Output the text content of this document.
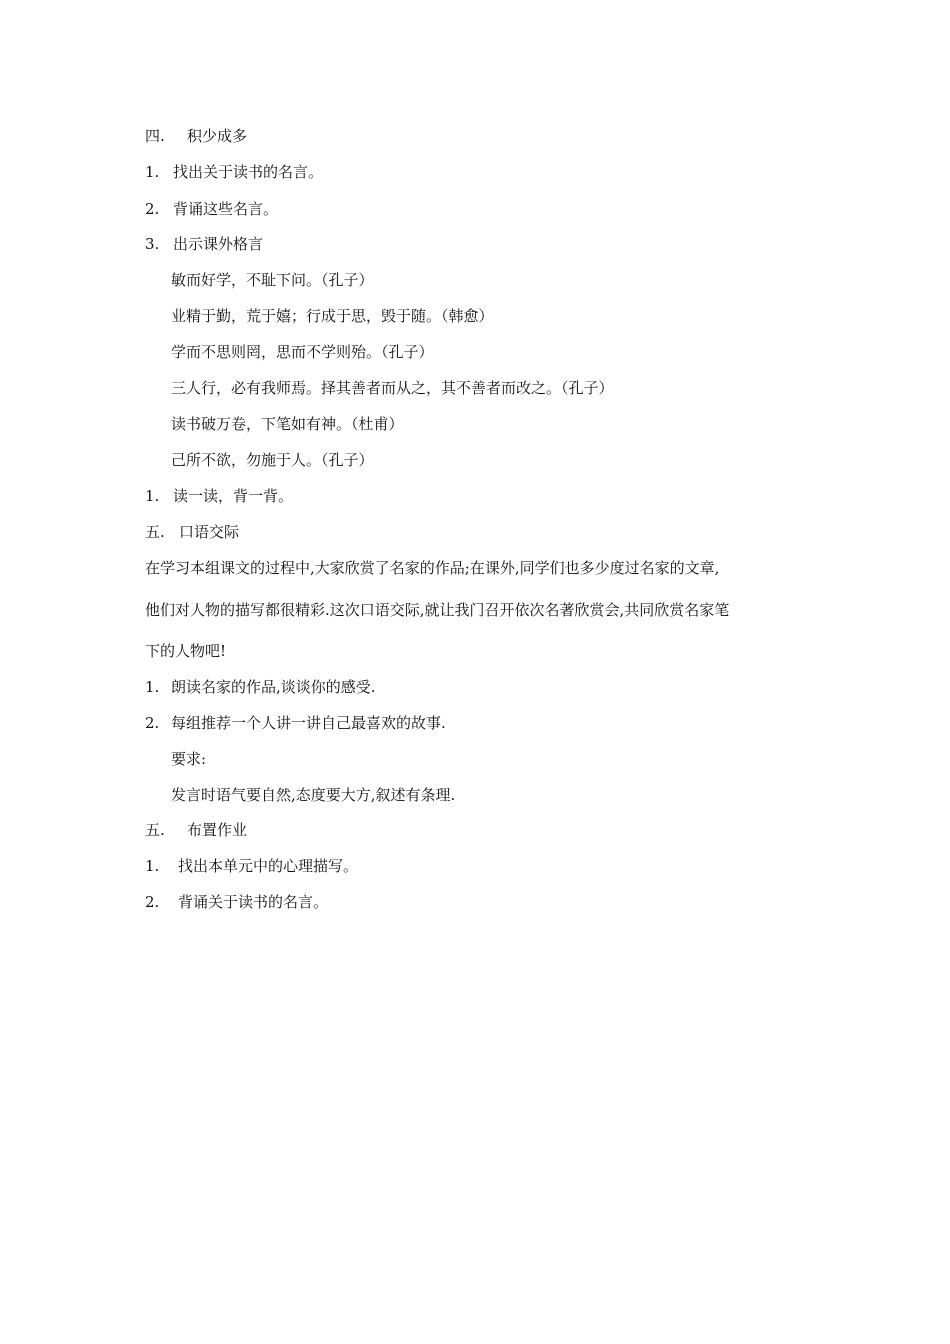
四. 积少成多
1. 找出关于读书的名言。
2. 背诵这些名言。
3. 出示课外格言
敏而好学，不耻下问。（孔子）
业精于勤，荒于嬉；行成于思，毁于随。（韩愈）
学而不思则罔，思而不学则殆。（孔子）
三人行，必有我师焉。择其善者而从之，其不善者而改之。（孔子）
读书破万卷，下笔如有神。（杜甫）
己所不欲，勿施于人。（孔子）
1. 读一读，背一背。
五. 口语交际
在学习本组课文的过程中,大家欣赏了名家的作品;在课外,同学们也多少度过名家的文章,
他们对人物的描写都很精彩.这次口语交际,就让我门召开依次名著欣赏会,共同欣赏名家笔
下的人物吧!
1. 朗读名家的作品,谈谈你的感受.
2. 每组推荐一个人讲一讲自己最喜欢的故事.
要求:
发言时语气要自然,态度要大方,叙述有条理.
五. 布置作业
1. 找出本单元中的心理描写。
2. 背诵关于读书的名言。
